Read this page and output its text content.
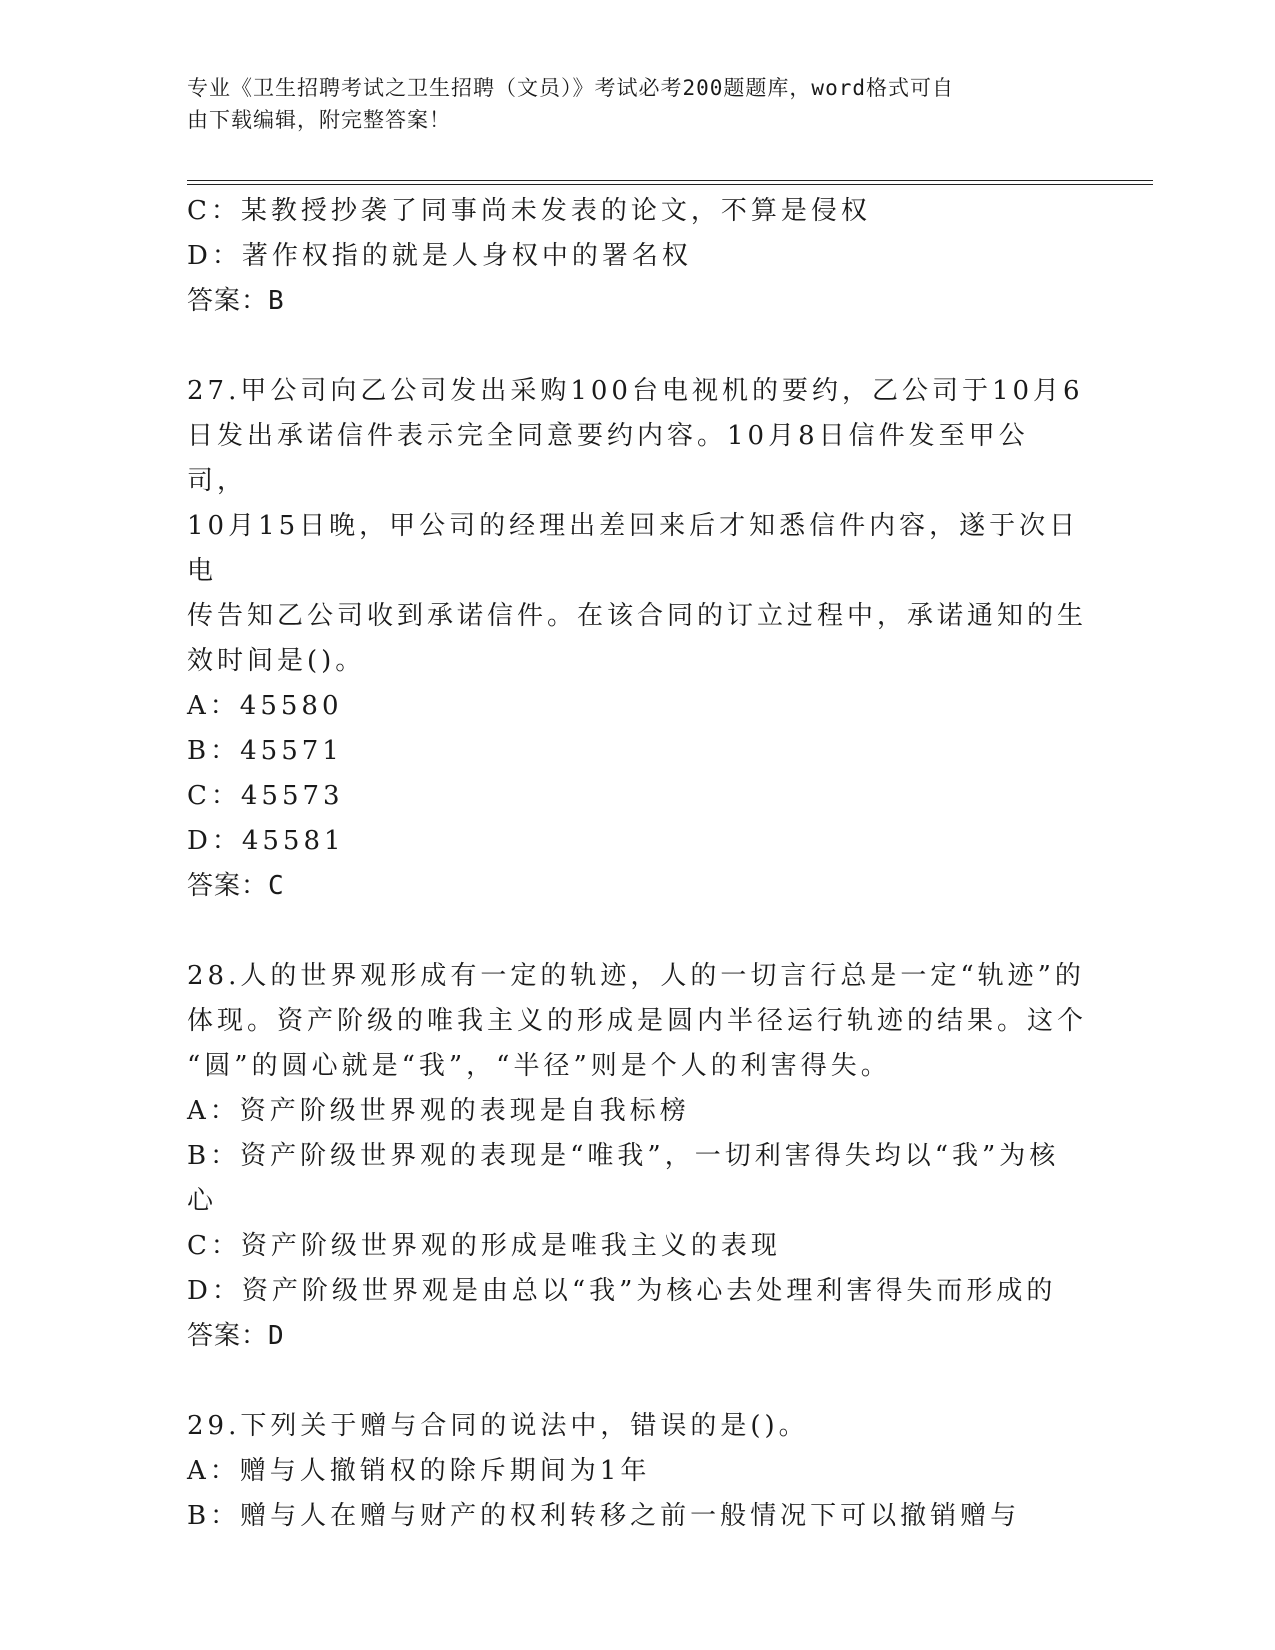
专业《卫生招聘考试之卫生招聘（文员）》考试必考200题题库，word格式可自
由下载编辑，附完整答案！
C：某教授抄袭了同事尚未发表的论文，不算是侵权
D：著作权指的就是人身权中的署名权
答案：B
27.甲公司向乙公司发出采购100台电视机的要约，乙公司于10月6
日发出承诺信件表示完全同意要约内容。10月8日信件发至甲公司，
10月15日晚，甲公司的经理出差回来后才知悉信件内容，遂于次日电
传告知乙公司收到承诺信件。在该合同的订立过程中，承诺通知的生
效时间是()。
A：45580
B：45571
C：45573
D：45581
答案：C
28.人的世界观形成有一定的轨迹，人的一切言行总是一定“轨迹”的
体现。资产阶级的唯我主义的形成是圆内半径运行轨迹的结果。这个
“圆”的圆心就是“我”，“半径”则是个人的利害得失。
A：资产阶级世界观的表现是自我标榜
B：资产阶级世界观的表现是“唯我”，一切利害得失均以“我”为核
心
C：资产阶级世界观的形成是唯我主义的表现
D：资产阶级世界观是由总以“我”为核心去处理利害得失而形成的
答案：D
29.下列关于赠与合同的说法中，错误的是()。
A：赠与人撤销权的除斥期间为1年
B：赠与人在赠与财产的权利转移之前一般情况下可以撤销赠与
